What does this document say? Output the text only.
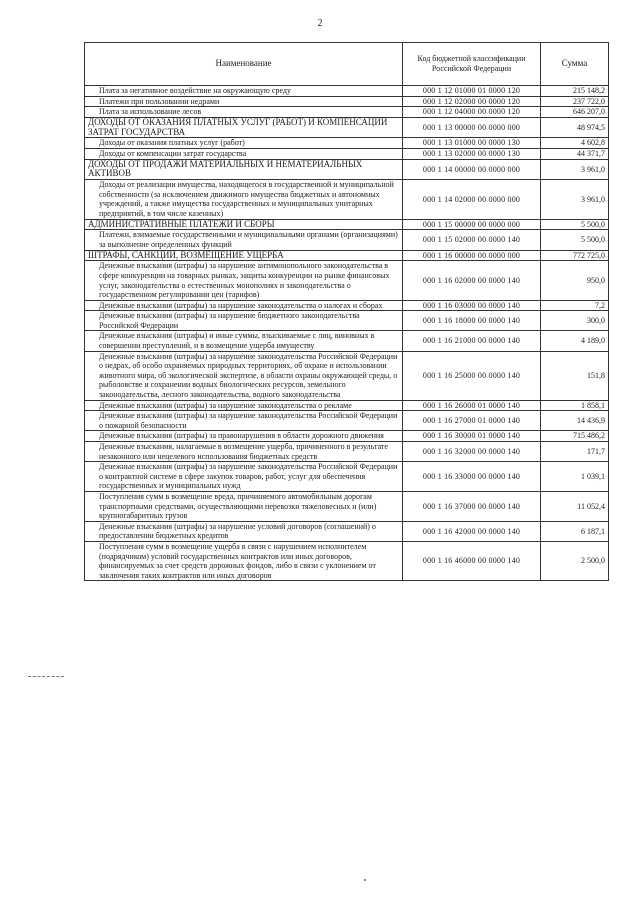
2
Наименование	Код бюджетной классификации Российской Федерации	Сумма
Плата за негативное воздействие на окружающую среду	000 1 12 01000 01 0000 120	215 148,2
Платежи при пользовании недрами	000 1 12 02000 00 0000 120	237 722,0
Плата за использование лесов	000 1 12 04000 00 0000 120	646 207,0
ДОХОДЫ ОТ ОКАЗАНИЯ ПЛАТНЫХ УСЛУГ (РАБОТ) И КОМПЕНСАЦИИ ЗАТРАТ ГОСУДАРСТВА	000 1 13 00000 00 0000 000	48 974,5
Доходы от оказания платных услуг (работ)	000 1 13 01000 00 0000 130	4 602,8
Доходы от компенсации затрат государства	000 1 13 02000 00 0000 130	44 371,7
ДОХОДЫ ОТ ПРОДАЖИ МАТЕРИАЛЬНЫХ И НЕМАТЕРИАЛЬНЫХ АКТИВОВ	000 1 14 00000 00 0000 000	3 961,0
Доходы от реализации имущества, находящегося в государственной и муниципальной собственности (за исключением движимого имущества бюджетных и автономных учреждений, а также имущества государственных и муниципальных унитарных предприятий, в том числе казенных)	000 1 14 02000 00 0000 000	3 961,0
АДМИНИСТРАТИВНЫЕ ПЛАТЕЖИ И СБОРЫ	000 1 15 00000 00 0000 000	5 500,0
Платежи, взимаемые государственными и муниципальными органами (организациями) за выполнение определенных функций	000 1 15 02000 00 0000 140	5 500,0
ШТРАФЫ, САНКЦИИ, ВОЗМЕЩЕНИЕ УЩЕРБА	000 1 16 00000 00 0000 000	772 725,0
Денежные взыскания (штрафы) за нарушение антимонопольного законодательства в сфере конкуренции на товарных рынках, защиты конкуренции на рынке финансовых услуг, законодательства о естественных монополиях и законодательства о государственном регулировании цен (тарифов)	000 1 16 02000 00 0000 140	950,0
Денежные взыскания (штрафы) за нарушение законодательства о налогах и сборах	000 1 16 03000 00 0000 140	7,2
Денежные взыскания (штрафы) за нарушение бюджетного законодательства Российской Федерации	000 1 16 18000 00 0000 140	300,0
Денежные взыскания (штрафы) и иные суммы, взыскиваемые с лиц, виновных в совершении преступлений, и в возмещение ущерба имуществу	000 1 16 21000 00 0000 140	4 189,0
Денежные взыскания (штрафы) за нарушение законодательства Российской Федерации о недрах, об особо охраняемых природных территориях, об охране и использовании животного мира, об экологической экспертизе, в области охраны окружающей среды, о рыболовстве и сохранении водных биологических ресурсов, земельного законодательства, лесного законодательства, водного законодательства	000 1 16 25000 00 0000 140	151,8
Денежные взыскания (штрафы) за нарушение законодательства о рекламе	000 1 16 26000 01 0000 140	1 858,1
Денежные взыскания (штрафы) за нарушение законодательства Российской Федерации о пожарной безопасности	000 1 16 27000 01 0000 140	14 436,9
Денежные взыскания (штрафы) за правонарушения в области дорожного движения	000 1 16 30000 01 0000 140	715 486,2
Денежные взыскания, налагаемые в возмещение ущерба, причиненного в результате незаконного или нецелевого использования бюджетных средств	000 1 16 32000 00 0000 140	171,7
Денежные взыскания (штрафы) за нарушение законодательства Российской Федерации о контрактной системе в сфере закупок товаров, работ, услуг для обеспечения государственных и муниципальных нужд	000 1 16 33000 00 0000 140	1 039,1
Поступления сумм в возмещение вреда, причиняемого автомобильным дорогам транспортными средствами, осуществляющими перевозки тяжеловесных и (или) крупногабаритных грузов	000 1 16 37000 00 0000 140	11 052,4
Денежные взыскания (штрафы) за нарушение условий договоров (соглашений) о предоставлении бюджетных кредитов	000 1 16 42000 00 0000 140	6 187,1
Поступления сумм в возмещение ущерба в связи с нарушением исполнителем (подрядчиком) условий государственных контрактов или иных договоров, финансируемых за счет средств дорожных фондов, либо в связи с уклонением от заключения таких контрактов или иных договоров	000 1 16 46000 00 0000 140	2 500,0
